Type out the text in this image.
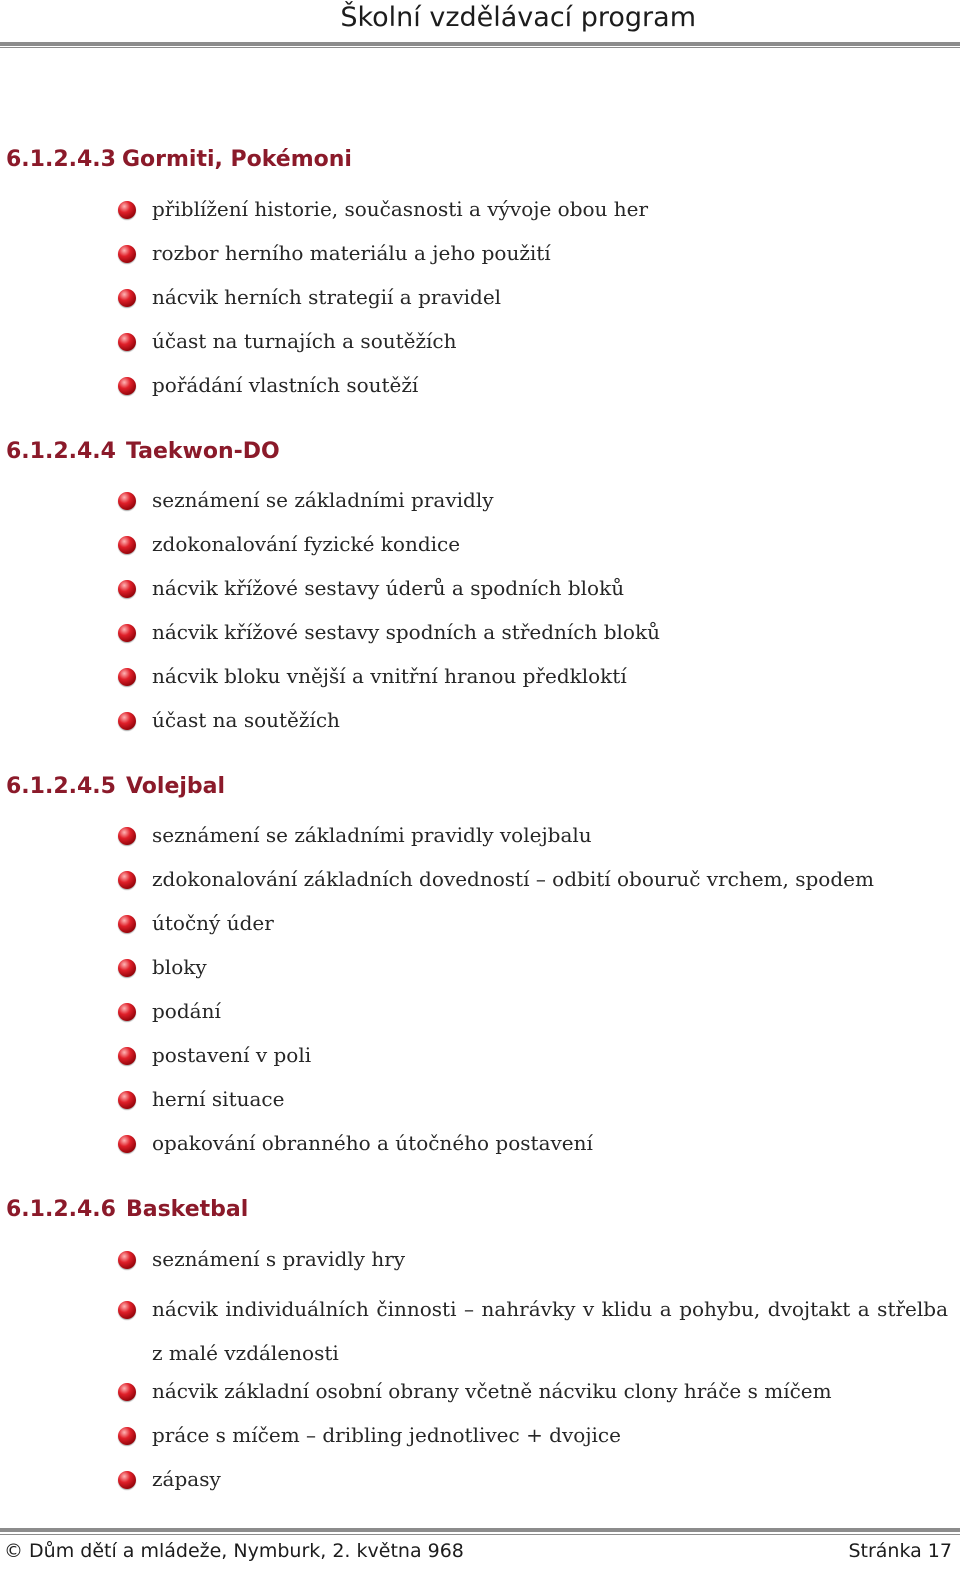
Školní vzdělávací program
6.1.2.4.3 Gormiti, Pokémoni
přiblížení historie, současnosti a vývoje obou her
rozbor herního materiálu a jeho použití
nácvik herních strategií a pravidel
účast na turnajích a soutěžích
pořádání vlastních soutěží
6.1.2.4.4 Taekwon-DO
seznámení se základními pravidly
zdokonalování fyzické kondice
nácvik křížové sestavy úderů a spodních bloků
nácvik křížové sestavy spodních a středních bloků
nácvik bloku vnější a vnitřní hranou předkloktí
účast na soutěžích
6.1.2.4.5 Volejbal
seznámení se základními pravidly volejbalu
zdokonalování základních dovedností – odbití obouruč vrchem, spodem
útočný úder
bloky
podání
postavení v poli
herní situace
opakování obranného a útočného postavení
6.1.2.4.6 Basketbal
seznámení s pravidly hry
nácvik individuálních činnosti – nahrávky v klidu a pohybu, dvojtakt a střelba z malé vzdálenosti
nácvik základní osobní obrany včetně nácviku clony hráče s míčem
práce s míčem – dribling jednotlivec + dvojice
zápasy
© Dům dětí a mládeže, Nymburk, 2. května 968	Stránka 17
